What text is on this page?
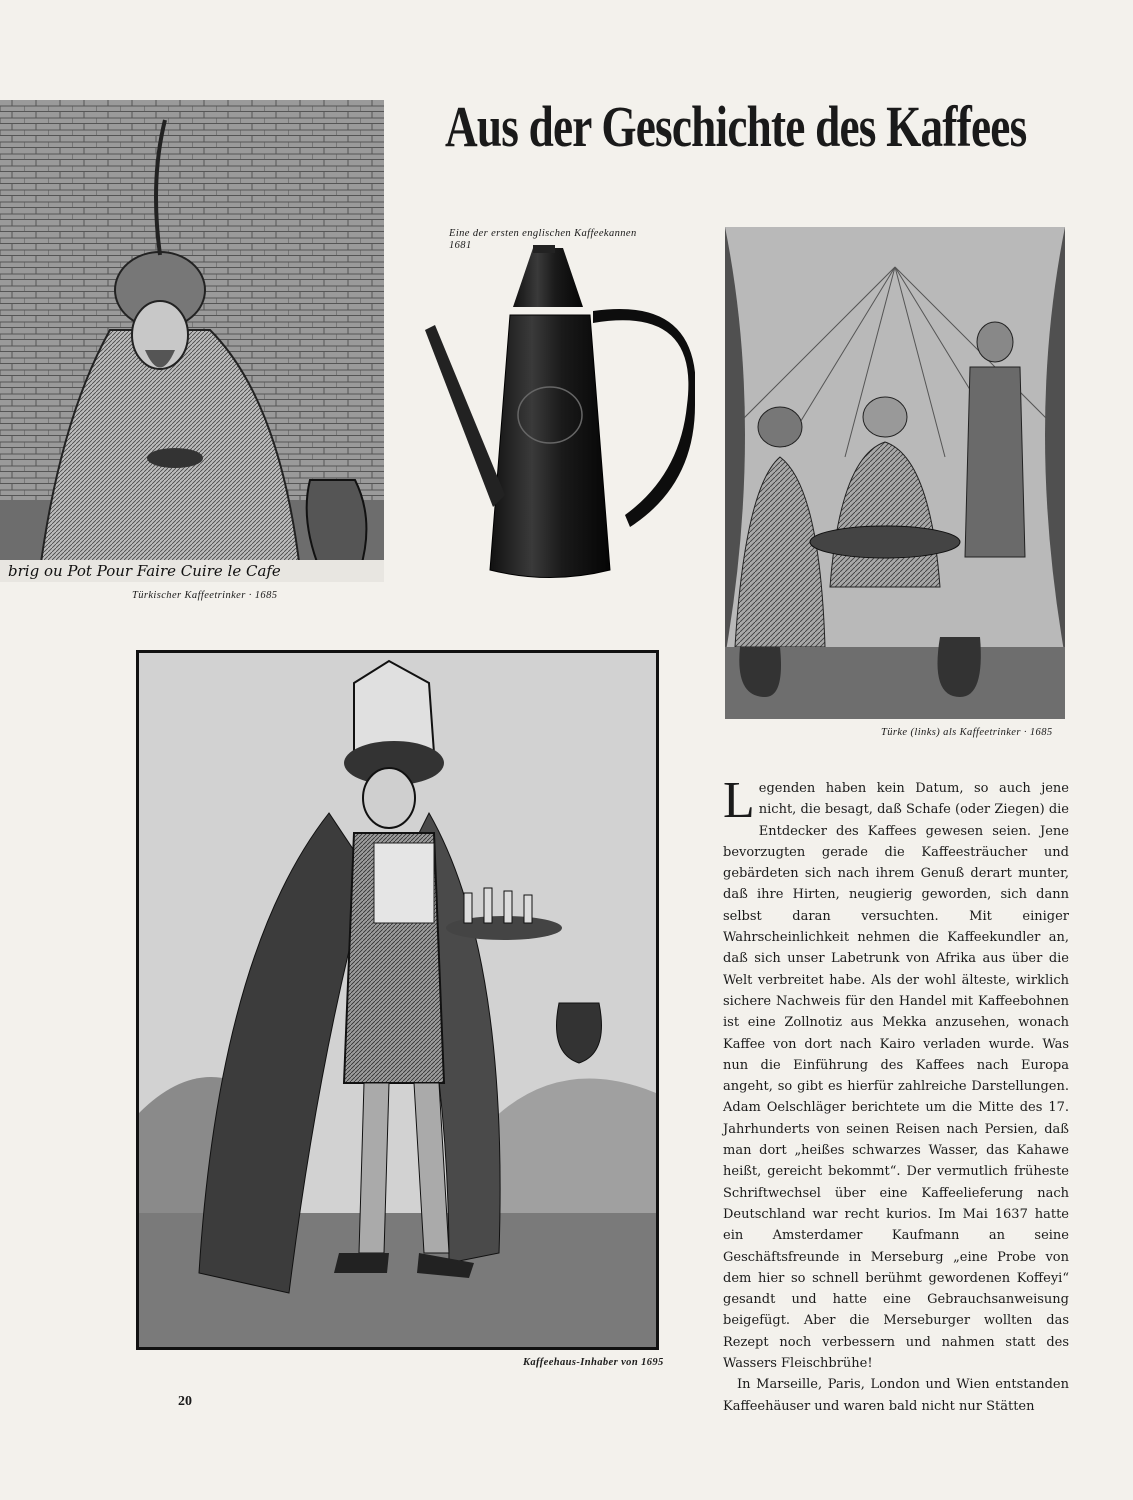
Aus der Geschichte des Kaffees
brig ou Pot Pour Faire Cuire le Cafe
Türkischer Kaffeetrinker · 1685
Eine der ersten englischen Kaffeekannen
1681
Türke (links) als Kaffeetrinker · 1685
Kaffeehaus-Inhaber von 1695

Legenden haben kein Datum, so auch jene nicht, die besagt, daß Schafe (oder Ziegen) die Entdecker des Kaffees gewesen seien. Jene bevorzugten gerade die Kaffeesträucher und gebärdeten sich nach ihrem Genuß derart munter, daß ihre Hirten, neugierig geworden, sich dann selbst daran versuchten. Mit einiger Wahrscheinlichkeit nehmen die Kaffeekundler an, daß sich unser Labetrunk von Afrika aus über die Welt verbreitet habe. Als der wohl älteste, wirklich sichere Nachweis für den Handel mit Kaffeebohnen ist eine Zollnotiz aus Mekka anzusehen, wonach Kaffee von dort nach Kairo verladen wurde. Was nun die Einführung des Kaffees nach Europa angeht, so gibt es hierfür zahlreiche Darstellungen. Adam Oelschläger berichtete um die Mitte des 17. Jahrhunderts von seinen Reisen nach Persien, daß man dort „heißes schwarzes Wasser, das Kahawe heißt, gereicht bekommt“. Der vermutlich früheste Schriftwechsel über eine Kaffeelieferung nach Deutschland war recht kurios. Im Mai 1637 hatte ein Amsterdamer Kaufmann an seine Geschäftsfreunde in Merseburg „eine Probe von dem hier so schnell berühmt gewordenen Koffeyi“ gesandt und hatte eine Gebrauchsanweisung beigefügt. Aber die Merseburger wollten das Rezept noch verbessern und nahmen statt des Wassers Fleischbrühe!

In Marseille, Paris, London und Wien entstanden Kaffeehäuser und waren bald nicht nur Stätten

20
